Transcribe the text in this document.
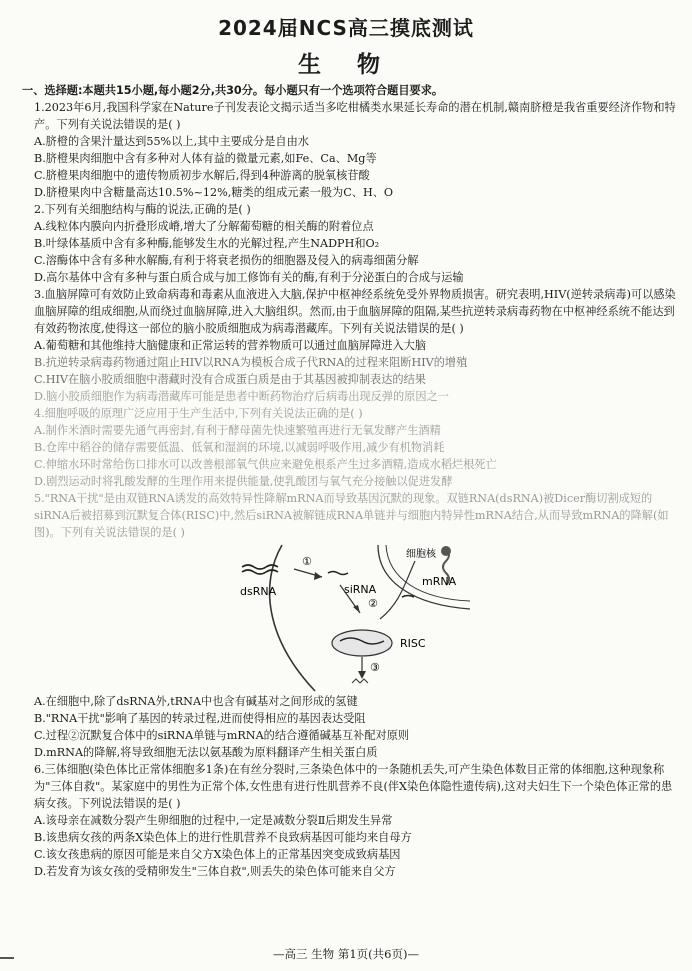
2024届NCS高三摸底测试
生 物
一、选择题:本题共15小题,每小题2分,共30分。每小题只有一个选项符合题目要求。
1.2023年6月,我国科学家在Nature子刊发表论文揭示适当多吃柑橘类水果延长寿命的潜在机制,赣南脐橙是我省重要经济作物和特产。下列有关说法错误的是( )
A.脐橙的含果汁量达到55%以上,其中主要成分是自由水
B.脐橙果肉细胞中含有多种对人体有益的微量元素,如Fe、Ca、Mg等
C.脐橙果肉细胞中的遗传物质初步水解后,得到4种游离的脱氧核苷酸
D.脐橙果肉中含糖量高达10.5%~12%,糖类的组成元素一般为C、H、O
2.下列有关细胞结构与酶的说法,正确的是( )
A.线粒体内膜向内折叠形成嵴,增大了分解葡萄糖的相关酶的附着位点
B.叶绿体基质中含有多种酶,能够发生水的光解过程,产生NADPH和O₂
C.溶酶体中含有多种水解酶,有利于将衰老损伤的细胞器及侵入的病毒细菌分解
D.高尔基体中含有多种与蛋白质合成与加工修饰有关的酶,有利于分泌蛋白的合成与运输
3.血脑屏障可有效防止致命病毒和毒素从血液进入大脑,保护中枢神经系统免受外界物质损害。研究表明,HIV(逆转录病毒)可以感染血脑屏障的组成细胞,从而绕过血脑屏障,进入大脑组织。然而,由于血脑屏障的阻隔,某些抗逆转录病毒药物在中枢神经系统不能达到有效药物浓度,使得这一部位的脑小胶质细胞成为病毒潜藏库。下列有关说法错误的是( )
A.葡萄糖和其他维持大脑健康和正常运转的营养物质可以通过血脑屏障进入大脑
B.抗逆转录病毒药物通过阻止HIV以RNA为模板合成子代RNA的过程来阻断HIV的增殖
C.HIV在脑小胶质细胞中潜藏时没有合成蛋白质是由于其基因被抑制表达的结果
D.脑小胶质细胞作为病毒潜藏库可能是患者中断药物治疗后病毒出现反弹的原因之一
4.细胞呼吸的原理广泛应用于生产生活中,下列有关说法正确的是( )
A.制作米酒时需要先通气再密封,有利于酵母菌先快速繁殖再进行无氧发酵产生酒精
B.仓库中稻谷的储存需要低温、低氧和湿润的环境,以减弱呼吸作用,减少有机物消耗
C.伸缩水环时常给伤口排水可以改善根部氧气供应来避免根系产生过多酒精,造成水稻烂根死亡
D.剧烈运动时将乳酸发酵的生理作用来提供能量,使乳酸团与氧气充分接触以促进发酵
5."RNA干扰"是由双链RNA诱发的高效特异性降解mRNA而导致基因沉默的现象。双链RNA(dsRNA)被Dicer酶切割成短的siRNA后被招募到沉默复合体(RISC)中,然后siRNA被解链成RNA单链并与细胞内特异性mRNA结合,从而导致mRNA的降解(如图)。下列有关说法错误的是( )
dsRNA	siRNA
mRNA
细胞核
RISC
①
②
③
A.在细胞中,除了dsRNA外,tRNA中也含有碱基对之间形成的氢键
B."RNA干扰"影响了基因的转录过程,进而使得相应的基因表达受阻
C.过程②沉默复合体中的siRNA单链与mRNA的结合遵循碱基互补配对原则
D.mRNA的降解,将导致细胞无法以氨基酸为原料翻译产生相关蛋白质
6.三体细胞(染色体比正常体细胞多1条)在有丝分裂时,三条染色体中的一条随机丢失,可产生染色体数目正常的体细胞,这种现象称为"三体自救"。某家庭中的男性为正常个体,女性患有进行性肌营养不良(伴X染色体隐性遗传病),这对夫妇生下一个染色体正常的患病女孩。下列说法错误的是( )
A.该母亲在减数分裂产生卵细胞的过程中,一定是减数分裂Ⅱ后期发生异常
B.该患病女孩的两条X染色体上的进行性肌营养不良致病基因可能均来自母方
C.该女孩患病的原因可能是来自父方X染色体上的正常基因突变成致病基因
D.若发育为该女孩的受精卵发生"三体自救",则丢失的染色体可能来自父方
—高三 生物 第1页(共6页)—
